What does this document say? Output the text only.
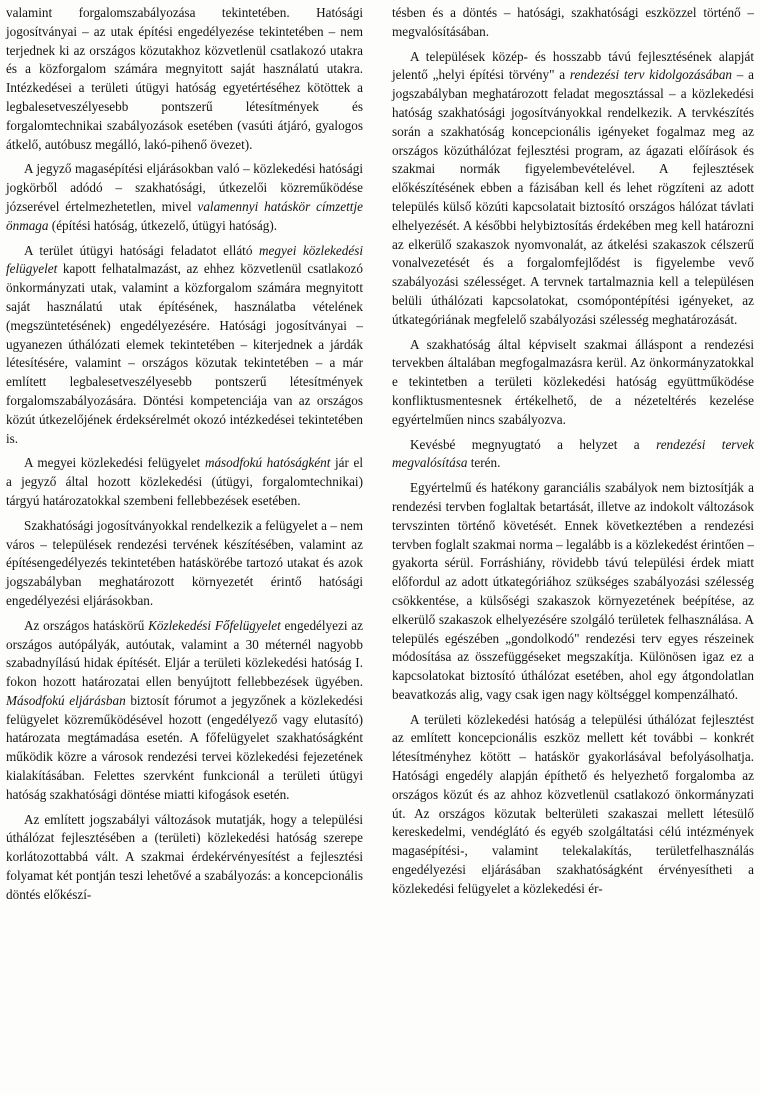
valamint forgalomszabályozása tekintetében. Hatósági jogosítványai – az utak építési engedélyezése tekintetében – nem terjednek ki az országos közutakhoz közvetlenül csatlakozó utakra és a közforgalom számára megnyitott saját használatú utakra. Intézkedései a területi útügyi hatóság egyetértéséhez kötöttek a legbalesetveszélyesebb pontszerű létesítmények és forgalomtechnikai szabályozások esetében (vasúti átjáró, gyalogos átkelő, autóbusz megálló, lakó-pihenő övezet).

A jegyző magasépítési eljárásokban való – közlekedési hatósági jogkörből adódó – szakhatósági, útkezelői közreműködése józserével értelmezhetetlen, mivel valamennyi hatáskör címzettje önmaga (építési hatóság, útkezelő, útügyi hatóság).

A terület útügyi hatósági feladatot ellátó megyei közlekedési felügyelet kapott felhatalmazást, az ehhez közvetlenül csatlakozó önkormányzati utak, valamint a közforgalom számára megnyitott saját használatú utak építésének, használatba vételének (megszüntetésének) engedélyezésére. Hatósági jogosítványai – ugyanezen úthálózati elemek tekintetében – kiterjednek a járdák létesítésére, valamint – országos közutak tekintetében – a már említett legbalesetveszélyesebb pontszerű létesítmények forgalomszabályozására. Döntési kompetenciája van az országos közút útkezelőjének érdeksérelmét okozó intézkedései tekintetében is.

A megyei közlekedési felügyelet másodfokú hatóságként jár el a jegyző által hozott közlekedési (útügyi, forgalomtechnikai) tárgyú határozatokkal szembeni fellebbezések esetében.

Szakhatósági jogosítványokkal rendelkezik a felügyelet a – nem város – települések rendezési tervének készítésében, valamint az építésengedélyezés tekintetében hatáskörébe tartozó utakat és azok jogszabályban meghatározott környezetét érintő hatósági engedélyezési eljárásokban.

Az országos hatáskörű Közlekedési Főfelügyelet engedélyezi az országos autópályák, autóutak, valamint a 30 méternél nagyobb szabadnyílású hidak építését. Eljár a területi közlekedési hatóság I. fokon hozott határozatai ellen benyújtott fellebbezések ügyében. Másodfokú eljárásban biztosít fórumot a jegyzőnek a közlekedési felügyelet közreműködésével hozott (engedélyező vagy elutasító) határozata megtámadása esetén. A főfelügyelet szakhatóságként működik közre a városok rendezési tervei közlekedési fejezetének kialakításában. Felettes szervként funkcionál a területi útügyi hatóság szakhatósági döntése miatti kifogások esetén.

Az említett jogszabályi változások mutatják, hogy a települési úthálózat fejlesztésében a (területi) közlekedési hatóság szerepe korlátozottabbá vált. A szakmai érdekérvényesítést a fejlesztési folyamat két pontján teszi lehetővé a szabályozás: a koncepcionális döntés előkészí-

tésben és a döntés – hatósági, szakhatósági eszközzel történő – megvalósításában.

A települések közép- és hosszabb távú fejlesztésének alapját jelentő „helyi építési törvény" a rendezési terv kidolgozásában – a jogszabályban meghatározott feladat megosztással – a közlekedési hatóság szakhatósági jogosítványokkal rendelkezik. A tervkészítés során a szakhatóság koncepcionális igényeket fogalmaz meg az országos közúthálózat fejlesztési program, az ágazati előírások és szakmai normák figyelembevételével. A fejlesztések előkészítésének ebben a fázisában kell és lehet rögzíteni az adott település külső közúti kapcsolatait biztosító országos hálózat távlati elhelyezését. A későbbi helybiztosítás érdekében meg kell határozni az elkerülő szakaszok nyomvonalát, az átkelési szakaszok célszerű vonalvezetését és a forgalomfejlődést is figyelembe vevő szabályozási szélességet. A tervnek tartalmaznia kell a településen belüli úthálózati kapcsolatokat, csomópontépítési igényeket, az útkategóriának megfelelő szabályozási szélesség meghatározását.

A szakhatóság által képviselt szakmai álláspont a rendezési tervekben általában megfogalmazásra kerül. Az önkormányzatokkal e tekintetben a területi közlekedési hatóság együttműködése konfliktusmentesnek értékelhető, de a nézeteltérés kezelése egyértelműen nincs szabályozva.

Kevésbé megnyugtató a helyzet a rendezési tervek megvalósítása terén.

Egyértelmű és hatékony garanciális szabályok nem biztosítják a rendezési tervben foglaltak betartását, illetve az indokolt változások tervszinten történő követését. Ennek következtében a rendezési tervben foglalt szakmai norma – legalább is a közlekedést érintően – gyakorta sérül. Forráshiány, rövidebb távú települési érdek miatt előfordul az adott útkategóriához szükséges szabályozási szélesség csökkentése, a külsőségi szakaszok környezetének beépítése, az elkerülő szakaszok elhelyezésére szolgáló területek felhasználása. A település egészében „gondolkodó" rendezési terv egyes részeinek módosítása az összefüggéseket megszakítja. Különösen igaz ez a kapcsolatokat biztosító úthálózat esetében, ahol egy átgondolatlan beavatkozás alig, vagy csak igen nagy költséggel kompenzálható.

A területi közlekedési hatóság a települési úthálózat fejlesztést az említett koncepcionális eszköz mellett két további – konkrét létesítményhez kötött – hatáskör gyakorlásával befolyásolhatja. Hatósági engedély alapján építhető és helyezhető forgalomba az országos közút és az ahhoz közvetlenül csatlakozó önkormányzati út. Az országos közutak belterületi szakaszai mellett létesülő kereskedelmi, vendéglátó és egyéb szolgáltatási célú intézmények magasépítési-, valamint telekalakítás, területfelhasználás engedélyezési eljárásában szakhatóságként érvényesítheti a közlekedési felügyelet a közlekedési ér-
